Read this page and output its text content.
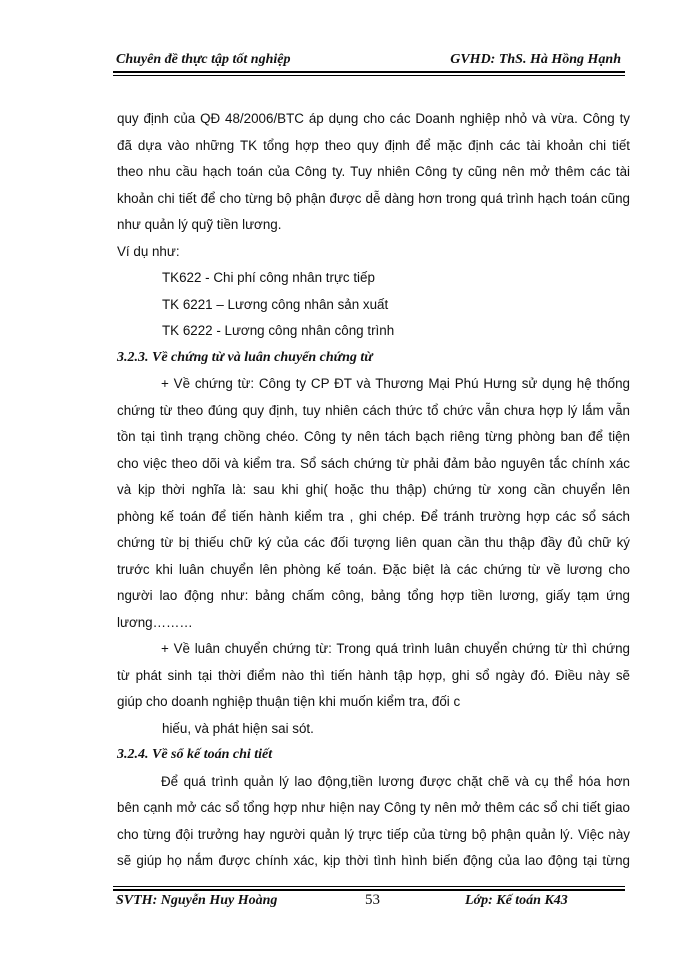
Chuyên đề thực tập tốt nghiệp	GVHD: ThS. Hà Hồng Hạnh
quy định của QĐ 48/2006/BTC áp dụng cho các Doanh nghiệp nhỏ và vừa. Công ty
đã dựa vào những TK tổng hợp theo quy định để mặc định các tài khoản chi tiết
theo nhu cầu hạch toán của Công ty. Tuy nhiên Công ty cũng nên mở thêm các tài
khoản chi tiết để cho từng bộ phận được dễ dàng hơn trong quá trình hạch toán cũng
như quản lý quỹ tiền lương.
Ví dụ như:
TK622 - Chi phí công nhân trực tiếp
TK 6221 – Lương công nhân sản xuất
TK 6222 - Lương công nhân công trình
3.2.3. Về chứng từ và luân chuyển chứng từ
+ Về chứng từ: Công ty CP ĐT và Thương Mại Phú Hưng sử dụng hệ thống
chứng từ theo đúng quy định, tuy nhiên cách thức tổ chức vẫn chưa hợp lý lắm vẫn
tồn tại tình trạng chồng chéo. Công ty nên tách bạch riêng từng phòng ban để tiện
cho việc theo dõi và kiểm tra. Sổ sách chứng từ phải đảm bảo nguyên tắc chính xác
và kịp thời nghĩa là: sau khi ghi( hoặc thu thập) chứng từ xong cần chuyển lên
phòng kế toán để tiến hành kiểm tra , ghi chép. Để tránh trường hợp các sổ sách
chứng từ bị thiếu chữ ký của các đối tượng liên quan cần thu thập đầy đủ chữ ký
trước khi luân chuyển lên phòng kế toán. Đặc biệt là các chứng từ về lương cho
người lao động như: bảng chấm công, bảng tổng hợp tiền lương, giấy tạm ứng
lương………
+ Về luân chuyển chứng từ: Trong quá trình luân chuyển chứng từ thì chứng
từ phát sinh tại thời điểm nào thì tiến hành tập hợp, ghi sổ ngày đó. Điều này sẽ
giúp cho doanh nghiệp thuận tiện khi muốn kiểm tra, đối c
hiếu, và phát hiện sai sót.
3.2.4. Về sổ kế toán chi tiết
Để quá trình quản lý lao động,tiền lương được chặt chẽ và cụ thể hóa hơn
bên cạnh mở các sổ tổng hợp như hiện nay Công ty nên mở thêm các sổ chi tiết giao
cho từng đội trưởng hay người quản lý trực tiếp của từng bộ phận quản lý. Việc này
sẽ giúp họ nắm được chính xác, kịp thời tình hình biến động của lao động tại từng
SVTH: Nguyễn Huy Hoàng	53	Lớp: Kế toán K43
